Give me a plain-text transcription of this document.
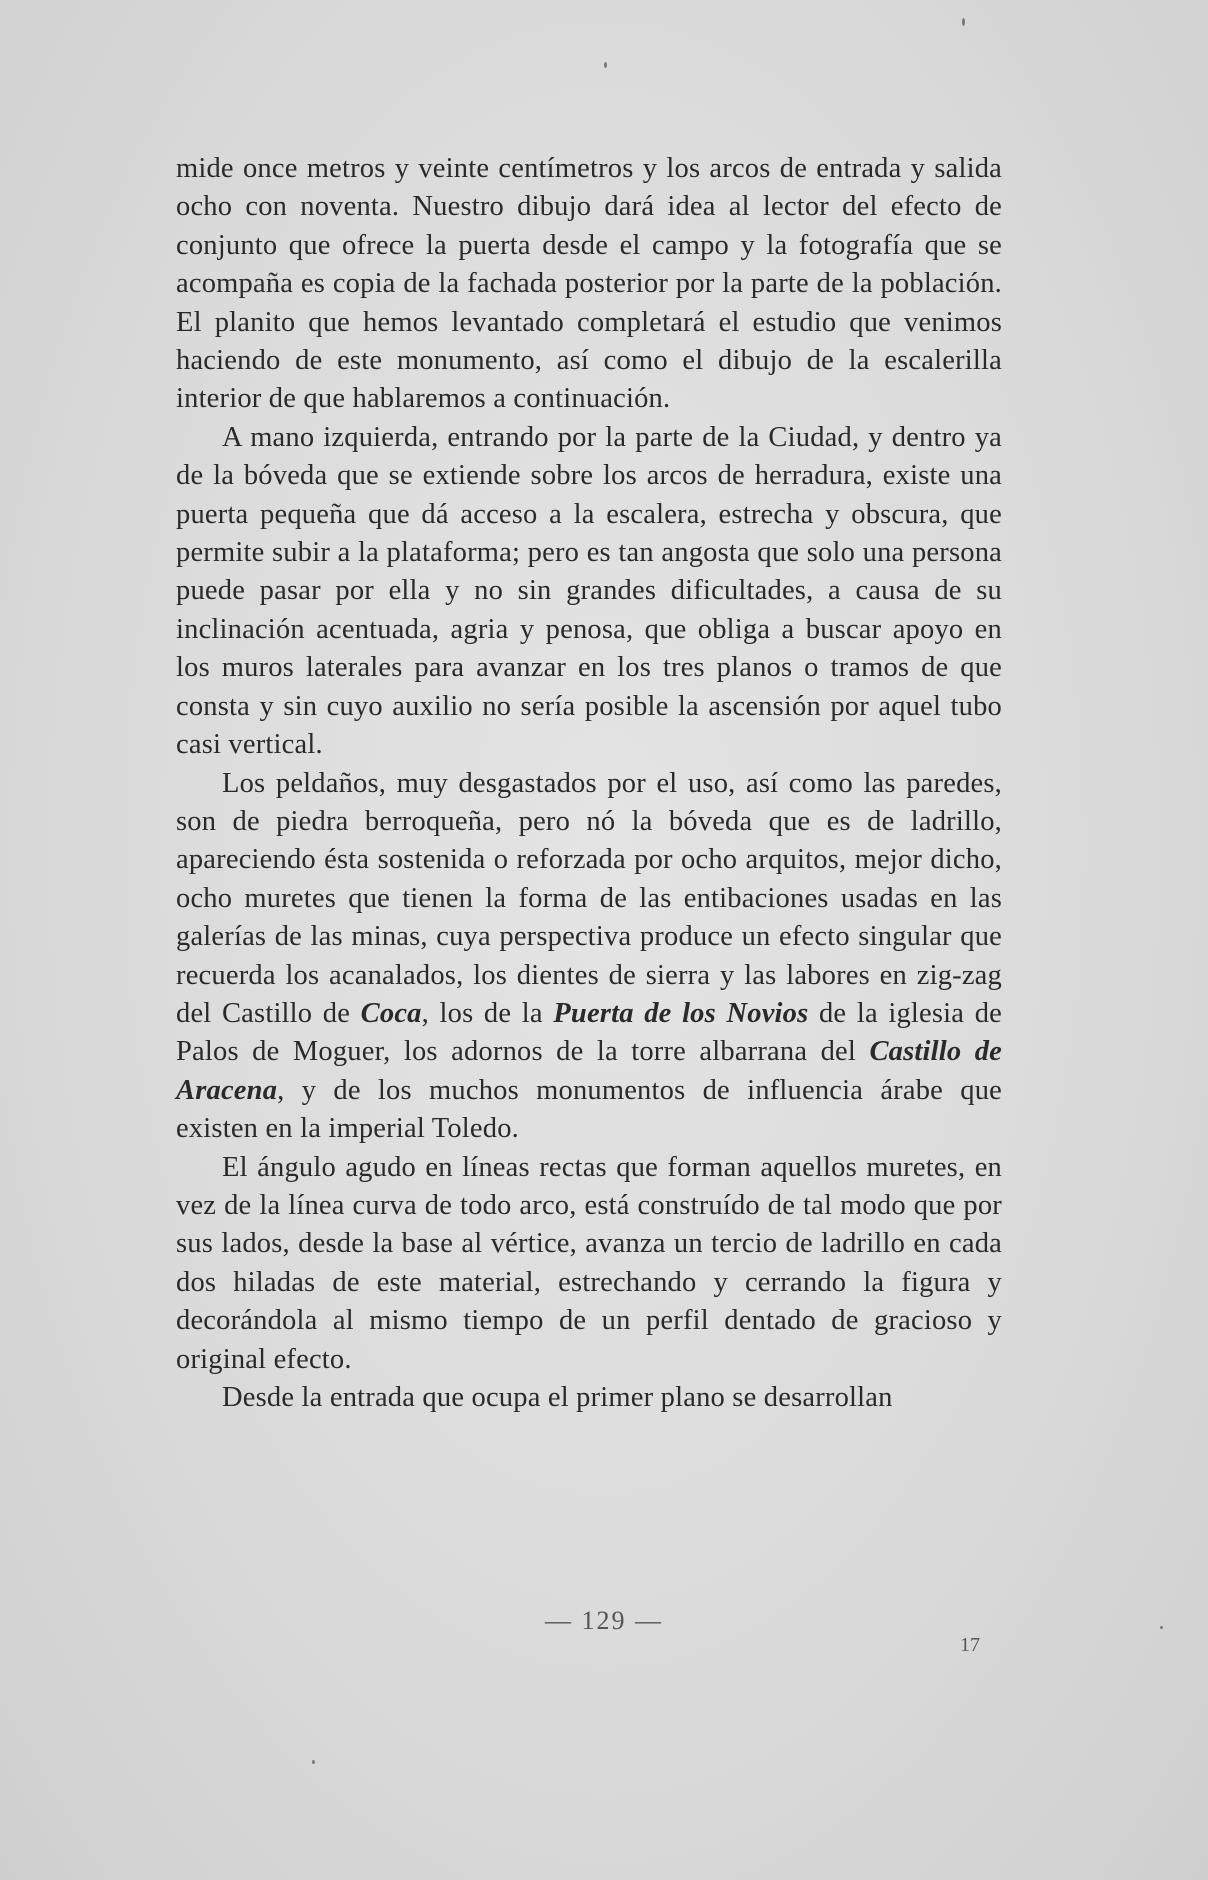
mide once metros y veinte centímetros y los arcos de entrada y salida ocho con noventa. Nuestro dibujo dará idea al lector del efecto de conjunto que ofrece la puerta desde el campo y la fotografía que se acompaña es copia de la fachada posterior por la parte de la población. El planito que hemos levantado completará el estudio que venimos haciendo de este monumento, así como el dibujo de la escalerilla interior de que hablaremos a continuación.

A mano izquierda, entrando por la parte de la Ciudad, y dentro ya de la bóveda que se extiende sobre los arcos de herradura, existe una puerta pequeña que dá acceso a la escalera, estrecha y obscura, que permite subir a la plataforma; pero es tan angosta que solo una persona puede pasar por ella y no sin grandes dificultades, a causa de su inclinación acentuada, agria y penosa, que obliga a buscar apoyo en los muros laterales para avanzar en los tres planos o tramos de que consta y sin cuyo auxilio no sería posible la ascensión por aquel tubo casi vertical.

Los peldaños, muy desgastados por el uso, así como las paredes, son de piedra berroqueña, pero nó la bóveda que es de ladrillo, apareciendo ésta sostenida o reforzada por ocho arquitos, mejor dicho, ocho muretes que tienen la forma de las entibaciones usadas en las galerías de las minas, cuya perspectiva produce un efecto singular que recuerda los acanalados, los dientes de sierra y las labores en zig-zag del Castillo de Coca, los de la Puerta de los Novios de la iglesia de Palos de Moguer, los adornos de la torre albarrana del Castillo de Aracena, y de los muchos monumentos de influencia árabe que existen en la imperial Toledo.

El ángulo agudo en líneas rectas que forman aquellos muretes, en vez de la línea curva de todo arco, está construído de tal modo que por sus lados, desde la base al vértice, avanza un tercio de ladrillo en cada dos hiladas de este material, estrechando y cerrando la figura y decorándola al mismo tiempo de un perfil dentado de gracioso y original efecto.

Desde la entrada que ocupa el primer plano se desarrollan

— 129 —
17
